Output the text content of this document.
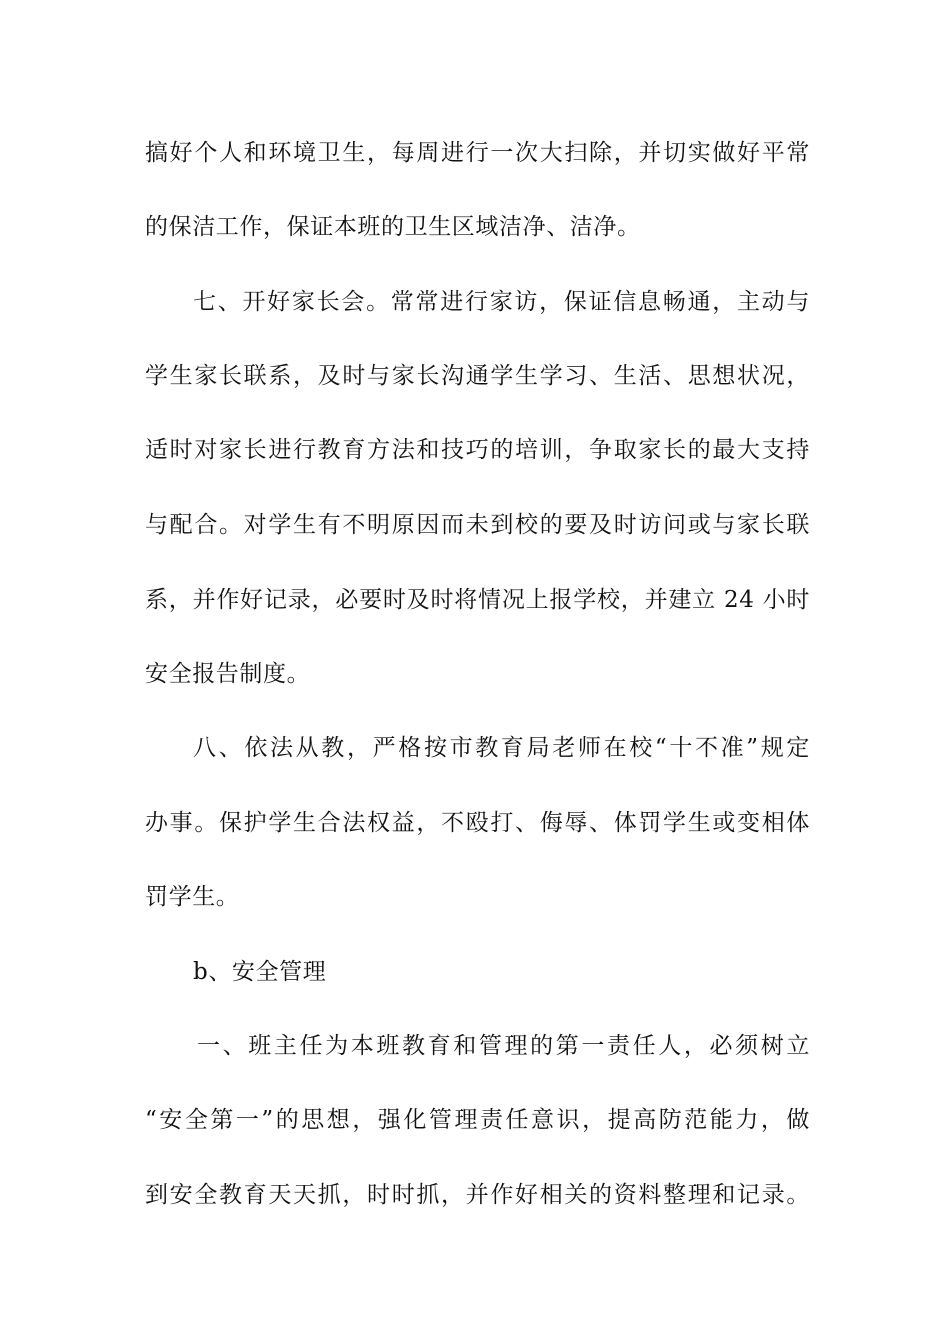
搞好个人和环境卫生，每周进行一次大扫除，并切实做好平常
的保洁工作，保证本班的卫生区域洁净、洁净。
七、开好家长会。常常进行家访，保证信息畅通，主动与
学生家长联系，及时与家长沟通学生学习、生活、思想状况，
适时对家长进行教育方法和技巧的培训，争取家长的最大支持
与配合。对学生有不明原因而未到校的要及时访问或与家长联
系，并作好记录，必要时及时将情况上报学校，并建立 24 小时
安全报告制度。
八、依法从教，严格按市教育局老师在校“十不准”规定
办事。保护学生合法权益，不殴打、侮辱、体罚学生或变相体
罚学生。
b、安全管理
一、班主任为本班教育和管理的第一责任人，必须树立
“安全第一”的思想，强化管理责任意识，提高防范能力，做
到安全教育天天抓，时时抓，并作好相关的资料整理和记录。
